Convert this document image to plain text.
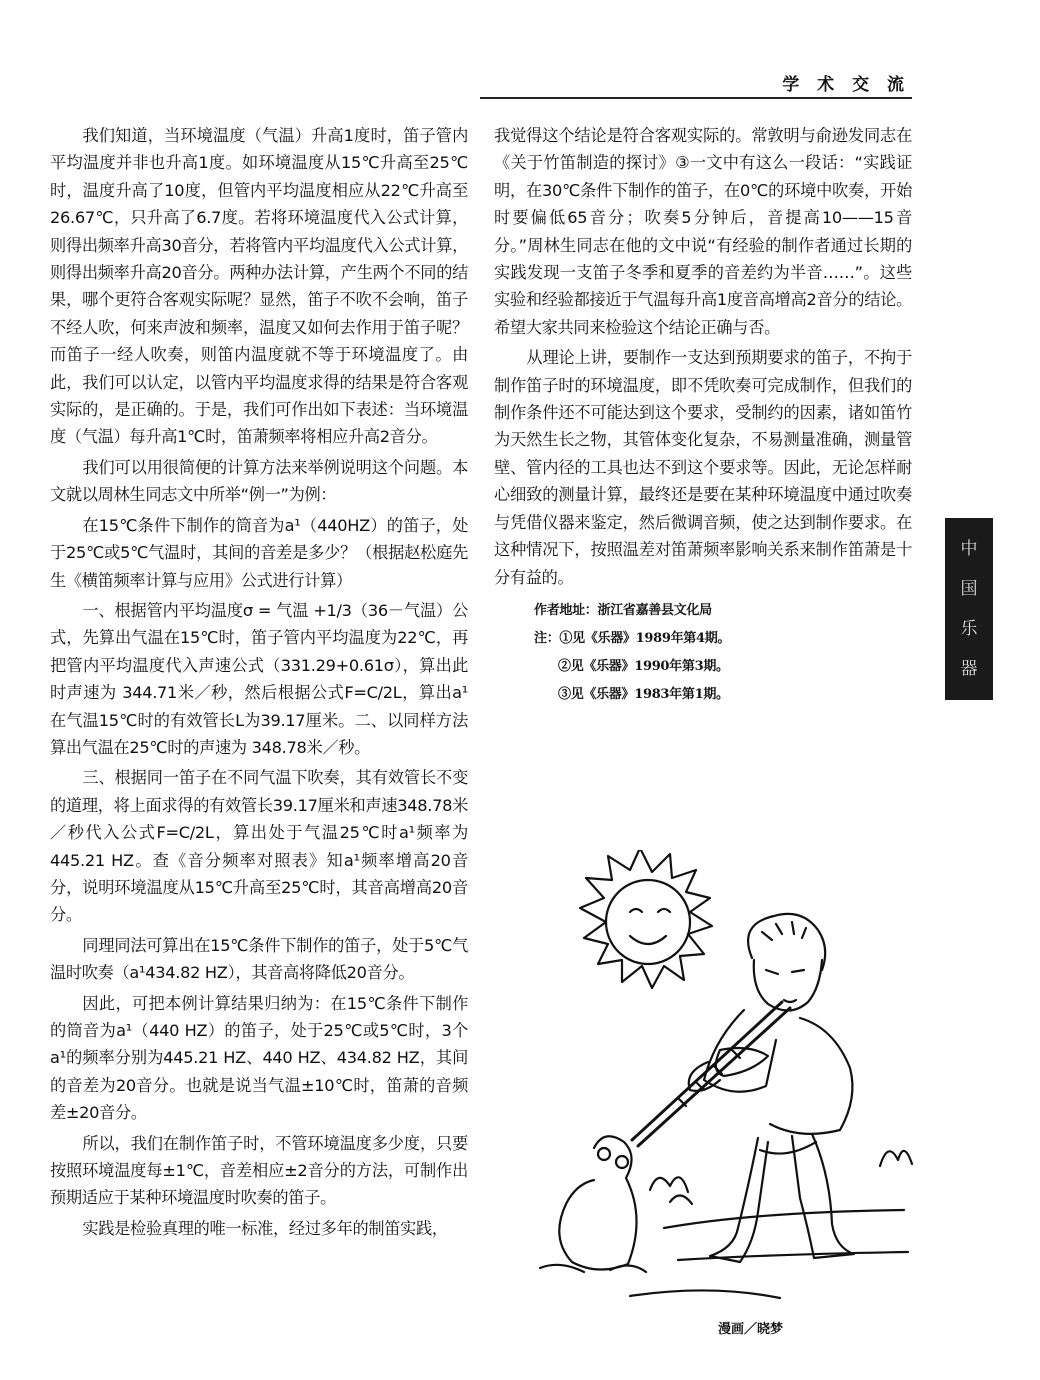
学 术 交 流

我们知道，当环境温度（气温）升高1度时，笛子管内平均温度并非也升高1度。如环境温度从15℃升高至25℃时，温度升高了10度，但管内平均温度相应从22℃升高至26.67℃，只升高了6.7度。若将环境温度代入公式计算，则得出频率升高30音分，若将管内平均温度代入公式计算，则得出频率升高20音分。两种办法计算，产生两个不同的结果，哪个更符合客观实际呢？显然，笛子不吹不会响，笛子不经人吹，何来声波和频率，温度又如何去作用于笛子呢？而笛子一经人吹奏，则笛内温度就不等于环境温度了。由此，我们可以认定，以管内平均温度求得的结果是符合客观实际的，是正确的。于是，我们可作出如下表述：当环境温度（气温）每升高1℃时，笛萧频率将相应升高2音分。

我们可以用很简便的计算方法来举例说明这个问题。本文就以周林生同志文中所举“例一”为例：

在15℃条件下制作的筒音为a¹（440HZ）的笛子，处于25℃或5℃气温时，其间的音差是多少？（根据赵松庭先生《横笛频率计算与应用》公式进行计算）

一、根据管内平均温度σ = 气温 +1/3（36－气温）公式，先算出气温在15℃时，笛子管内平均温度为22℃，再把管内平均温度代入声速公式（331.29+0.61σ），算出此时声速为 344.71米／秒，然后根据公式F=C/2L，算出a¹在气温15℃时的有效管长L为39.17厘米。二、以同样方法算出气温在25℃时的声速为 348.78米／秒。

三、根据同一笛子在不同气温下吹奏，其有效管长不变的道理，将上面求得的有效管长39.17厘米和声速348.78米／秒代入公式F=C/2L，算出处于气温25℃时a¹频率为445.21 HZ。查《音分频率对照表》知a¹频率增高20音分，说明环境温度从15℃升高至25℃时，其音高增高20音分。

同理同法可算出在15℃条件下制作的笛子，处于5℃气温时吹奏（a¹434.82 HZ），其音高将降低20音分。

因此，可把本例计算结果归纳为：在15℃条件下制作的筒音为a¹（440 HZ）的笛子，处于25℃或5℃时，3个a¹的频率分别为445.21 HZ、440 HZ、434.82 HZ，其间的音差为20音分。也就是说当气温±10℃时，笛萧的音频差±20音分。

所以，我们在制作笛子时，不管环境温度多少度，只要按照环境温度每±1℃，音差相应±2音分的方法，可制作出预期适应于某种环境温度时吹奏的笛子。

实践是检验真理的唯一标准，经过多年的制笛实践，

我觉得这个结论是符合客观实际的。常敦明与俞逊发同志在《关于竹笛制造的探讨》③一文中有这么一段话：“实践证明，在30℃条件下制作的笛子，在0℃的环境中吹奏，开始时要偏低65音分；吹奏5分钟后，音提高10——15音分。”周林生同志在他的文中说“有经验的制作者通过长期的实践发现一支笛子冬季和夏季的音差约为半音……”。这些实验和经验都接近于气温每升高1度音高增高2音分的结论。希望大家共同来检验这个结论正确与否。

从理论上讲，要制作一支达到预期要求的笛子，不拘于制作笛子时的环境温度，即不凭吹奏可完成制作，但我们的制作条件还不可能达到这个要求，受制约的因素，诸如笛竹为天然生长之物，其管体变化复杂，不易测量准确，测量管壁、管内径的工具也达不到这个要求等。因此，无论怎样耐心细致的测量计算，最终还是要在某种环境温度中通过吹奏与凭借仪器来鉴定，然后微调音频，使之达到制作要求。在这种情况下，按照温差对笛萧频率影响关系来制作笛萧是十分有益的。

作者地址：浙江省嘉善县文化局
注：①见《乐器》1989年第4期。
②见《乐器》1990年第3期。
③见《乐器》1983年第1期。
中
国
乐
器
漫画／晓梦
